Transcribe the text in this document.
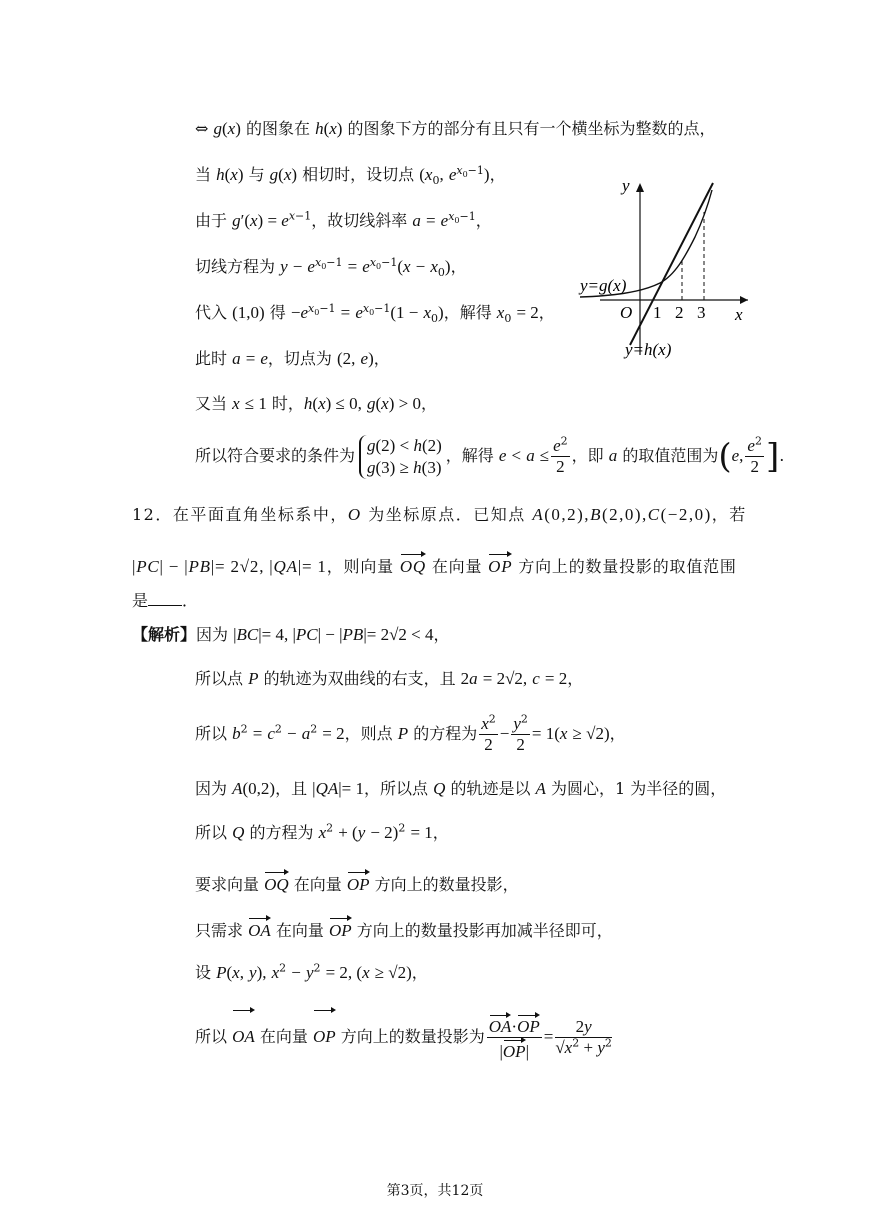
⇔ g(x) 的图象在 h(x) 的图象下方的部分有且只有一个横坐标为整数的点，
当 h(x) 与 g(x) 相切时，设切点 ($x_0$, $e^{x_0-1}$)，
由于 $g'(x) = e^{x-1}$，故切线斜率 $a = e^{x_0-1}$，
切线方程为 $y - e^{x_0-1} = e^{x_0-1}(x - x_0)$，
代入 (1,0) 得 $-e^{x_0-1} = e^{x_0-1}(1 - x_0)$，解得 $x_0 = 2$，
此时 a = e，切点为 (2, e)，
又当 x ≤ 1 时，h(x) ≤ 0, g(x) > 0，
所以符合要求的条件为
g(2) < h(2)
g(3) ≥ h(3)
，解得 $e < a \le \frac{e^2}{2}$ ，即 a 的取值范围为(e, $\frac{e^2}{2}$ ].
y
x
O 1 2 3
y=g(x)
y=h(x)
12．在平面直角坐标系中，O 为坐标原点．已知点 A(0,2),B(2,0),C(−2,0)，若
|PC| − |PB|= 2√2, |QA|= 1，则向量 OQ 在向量 OP 方向上的数量投影的取值范围
是 ．
【解析】因为 |BC|= 4, |PC| − |PB|= 2√2 < 4，
所以点 P 的轨迹为双曲线的右支，且 2a = 2√2, c = 2，
所以 $b^2 = c^2 - a^2 = 2$，则点 P 的方程为 $\frac{x^2}{2} - \frac{y^2}{2} = 1(x \ge √2)$，
因为 A(0,2)，且 |QA|= 1，所以点 Q 的轨迹是以 A 为圆心，1 为半径的圆，
所以 Q 的方程为 $x^2 + (y - 2)^2 = 1$，
要求向量 OQ 在向量 OP 方向上的数量投影，
只需求 OA 在向量 OP 方向上的数量投影再加减半径即可，
设 P(x, y), $x^2 - y^2 = 2$, (x ≥ √2)，
所以 OA 在向量 OP 方向上的数量投影为 $\frac{OA\cdot OP}{|OP|} = \frac{2y}{√x^2 + y^2}$
第3页，共12页
